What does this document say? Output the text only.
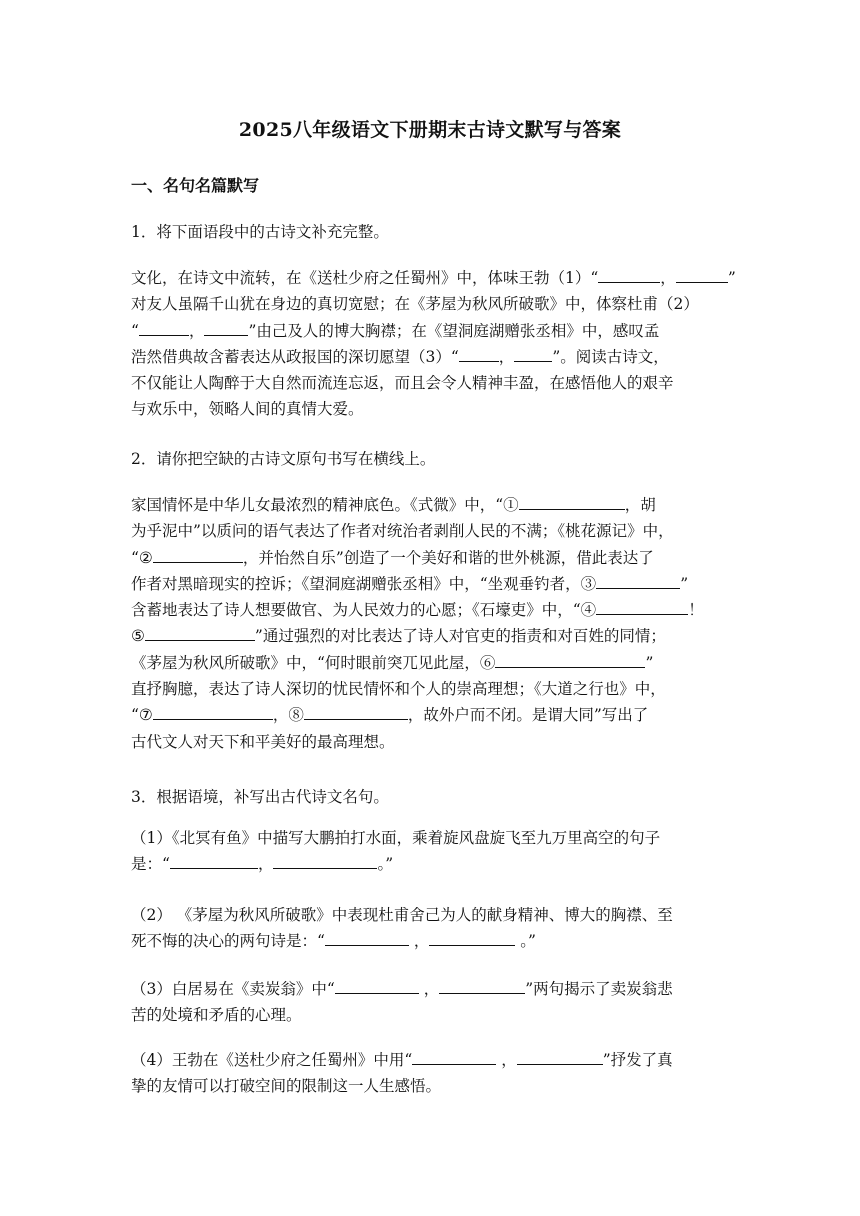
2025八年级语文下册期末古诗文默写与答案
一、名句名篇默写
1．将下面语段中的古诗文补充完整。
文化，在诗文中流转，在《送杜少府之任蜀州》中，体味王勃（1）“	，	”
对友人虽隔千山犹在身边的真切宽慰；在《茅屋为秋风所破歌》中，体察杜甫（2）
“	，	”由己及人的博大胸襟；在《望洞庭湖赠张丞相》中，感叹孟
浩然借典故含蓄表达从政报国的深切愿望（3）“	， ”。阅读古诗文，
不仅能让人陶醉于大自然而流连忘返，而且会令人精神丰盈，在感悟他人的艰辛
与欢乐中，领略人间的真情大爱。
2．请你把空缺的古诗文原句书写在横线上。
家国情怀是中华儿女最浓烈的精神底色。《式微》中，“①	，胡
为乎泥中”以质问的语气表达了作者对统治者剥削人民的不满；《桃花源记》中，
“②	，并怡然自乐”创造了一个美好和谐的世外桃源，借此表达了
作者对黑暗现实的控诉；《望洞庭湖赠张丞相》中，“坐观垂钓者，③	”
含蓄地表达了诗人想要做官、为人民效力的心愿；《石壕吏》中，“④	！
⑤	”通过强烈的对比表达了诗人对官吏的指责和对百姓的同情；
《茅屋为秋风所破歌》中，“何时眼前突兀见此屋，⑥	”
直抒胸臆，表达了诗人深切的忧民情怀和个人的崇高理想；《大道之行也》中，
“⑦	，⑧	，故外户而不闭。是谓大同”写出了
古代文人对天下和平美好的最高理想。
3．根据语境，补写出古代诗文名句。
（1）《北冥有鱼》中描写大鹏拍打水面，乘着旋风盘旋飞至九万里高空的句子
是：“	，	。”
（2） 《茅屋为秋风所破歌》中表现杜甫舍己为人的献身精神、博大的胸襟、至
死不悔的决心的两句诗是：“	，	。”
（3）白居易在《卖炭翁》中“	，	”两句揭示了卖炭翁悲
苦的处境和矛盾的心理。
（4）王勃在《送杜少府之任蜀州》中用“	，	”抒发了真
挚的友情可以打破空间的限制这一人生感悟。
